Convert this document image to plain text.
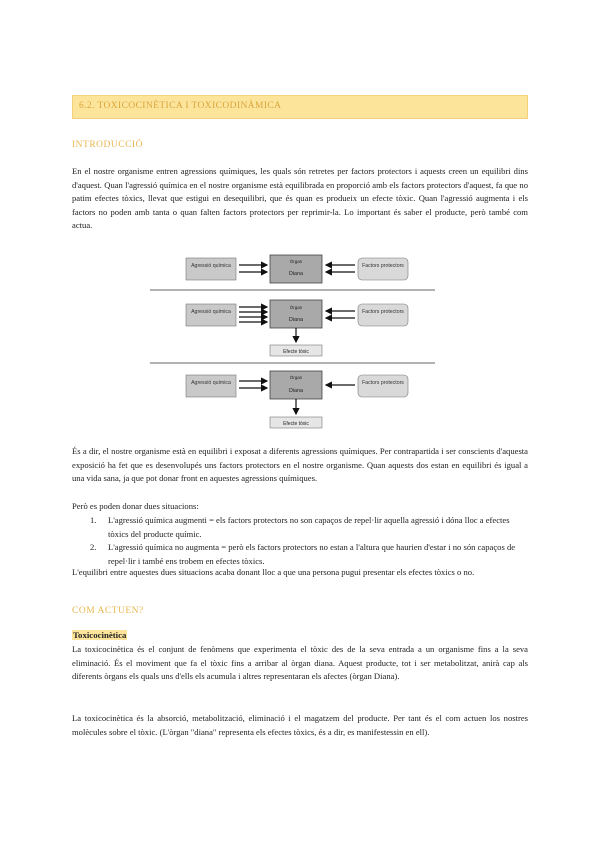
6.2. TOXICOCINÈTICA I TOXICODINÀMICA
INTRODUCCIÓ

En el nostre organisme entren agressions químiques, les quals són retretes per factors protectors i aquests creen un equilibri dins d'aquest. Quan l'agressió química en el nostre organisme està equilibrada en proporció amb els factors protectors d'aquest, fa que no patim efectes tòxics, llevat que estigui en desequilibri, que és quan es produeix un efecte tòxic. Quan l'agressió augmenta i els factors no poden amb tanta o quan falten factors protectors per reprimir-la. Lo important és saber el producte, però també com actua.

Agressió química
Òrgan
Diana
Factors protectors
Agressió química
Òrgan
Diana
Factors protectors
Efecte tòxic
Agressió química
Òrgan
Diana
Factors protectors
Efecte tòxic

És a dir, el nostre organisme està en equilibri i exposat a diferents agressions químiques. Per contrapartida i ser conscients d'aquesta exposició ha fet que es desenvolupés uns factors protectors en el nostre organisme. Quan aquests dos estan en equilibri és igual a una vida sana, ja que pot donar front en aquestes agressions químiques.

Però es poden donar dues situacions:

1. L'agressió química augmenti = els factors protectors no son capaços de repel·lir aquella agressió i dóna lloc a efectes tòxics del producte químic.
2. L'agressió química no augmenta = però els factors protectors no estan a l'altura que haurien d'estar i no són capaços de repel·lir i també ens trobem en efectes tòxics.

L'equilibri entre aquestes dues situacions acaba donant lloc a que una persona pugui presentar els efectes tòxics o no.

COM ACTUEN?
Toxicocinètica

La toxicocinètica és el conjunt de fenòmens que experimenta el tòxic des de la seva entrada a un organisme fins a la seva eliminació. És el moviment que fa el tòxic fins a arribar al òrgan diana. Aquest producte, tot i ser metabolitzat, anirà cap als diferents òrgans els quals uns d'ells els acumula i altres representaran els afectes (òrgan Diana).

La toxicocinètica és la absorció, metabolització, eliminació i el magatzem del producte. Per tant és el com actuen los nostres molècules sobre el tòxic. (L'òrgan "diana" representa els efectes tòxics, és a dir, es manifestessin en ell).
